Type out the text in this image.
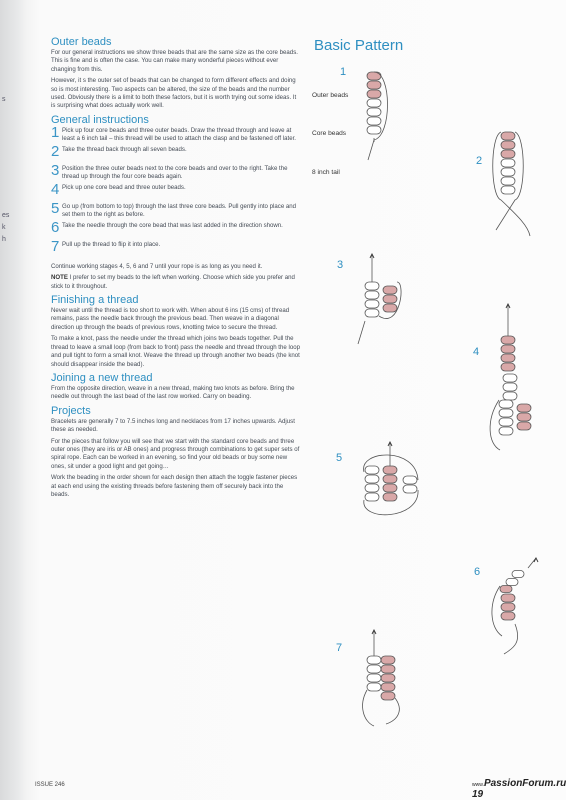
s
es
k
h
Outer beads

For our general instructions we show three beads that are the same size as the core beads. This is fine and is often the case. You can make many wonderful pieces without ever changing from this.

However, it s the outer set of beads that can be changed to form different effects and doing so is most interesting. Two aspects can be altered, the size of the beads and the number used. Obviously there is a limit to both these factors, but it is worth trying out some ideas. It is surprising what does actually work well.

General instructions
1 Pick up four core beads and three outer beads. Draw the thread through and leave at least a 6 inch tail – this thread will be used to attach the clasp and be fastened off later.
2 Take the thread back through all seven beads.
3 Position the three outer beads next to the core beads and over to the right. Take the thread up through the four core beads again.
4 Pick up one core bead and three outer beads.
5 Go up (from bottom to top) through the last three core beads. Pull gently into place and set them to the right as before.
6 Take the needle through the core bead that was last added in the direction shown.
7 Pull up the thread to flip it into place.

Continue working stages 4, 5, 6 and 7 until your rope is as long as you need it.

NOTE I prefer to set my beads to the left when working. Choose which side you prefer and stick to it throughout.

Finishing a thread

Never wait until the thread is too short to work with. When about 6 ins (15 cms) of thread remains, pass the needle back through the previous bead. Then weave in a diagonal direction up through the beads of previous rows, knotting twice to secure the thread.

To make a knot, pass the needle under the thread which joins two beads together. Pull the thread to leave a small loop (from back to front) pass the needle and thread through the loop and pull tight to form a small knot. Weave the thread up through another two beads (the knot should disappear inside the bead).

Joining a new thread

From the opposite direction, weave in a new thread, making two knots as before. Bring the needle out through the last bead of the last row worked. Carry on beading.

Projects

Bracelets are generally 7 to 7.5 inches long and necklaces from 17 inches upwards. Adjust these as needed.

For the pieces that follow you will see that we start with the standard core beads and three outer ones (they are iris or AB ones) and progress through combinations to get super sets of spiral rope. Each can be worked in an evening, so find your old beads or buy some new ones, sit under a good light and get going…

Work the beading in the order shown for each design then attach the toggle fastener pieces at each end using the existing threads before fastening them off securely back into the beads.

Basic Pattern
1
2
3
4
5
6
7
Outer beads
Core beads
8 inch tail
ISSUE 246	www.PassionForum.ru 19
